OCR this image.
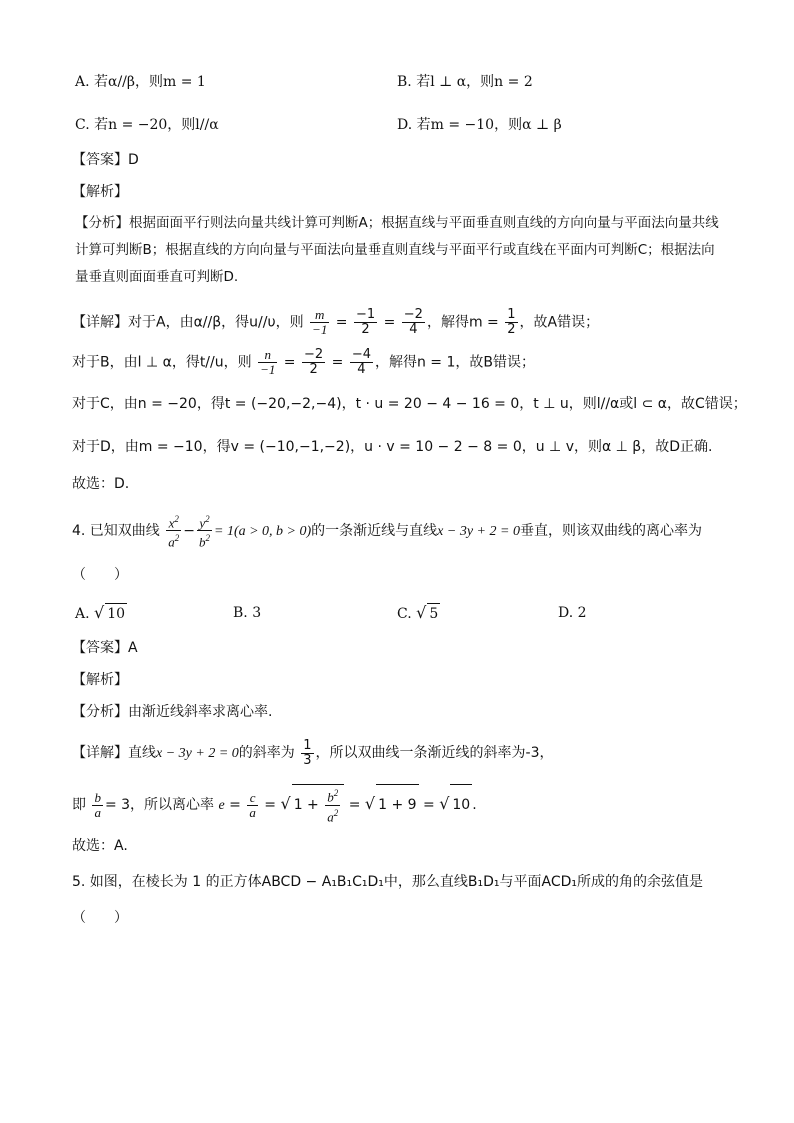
A. 若α//β，则m = 1	B. 若l ⊥ α，则n = 2
C. 若n = −20，则l//α	D. 若m = −10，则α ⊥ β
【答案】D
【解析】
【分析】根据面面平行则法向量共线计算可判断A；根据直线与平面垂直则直线的方向向量与平面法向量共线计算可判断B；根据直线的方向向量与平面法向量垂直则直线与平面平行或直线在平面内可判断C；根据法向量垂直则面面垂直可判断D.
【详解】对于A，由α//β，得u//υ，则 $\frac{m}{-1} = \frac{-1}{2} = \frac{-2}{4}$ ，解得$m = \frac{1}{2}$ ，故A错误；
对于B，由l ⊥ α，得t//u，则 $\frac{n}{-1} = \frac{-2}{2} = \frac{-4}{4}$ ，解得n = 1，故B错误；
对于C，由n = −20，得t = (−20,−2,−4)，t · u = 20 − 4 − 16 = 0，t ⊥ u，则l//α或l ⊂ α，故C错误；
对于D，由m = −10，得v = (−10,−1,−2)，u · v = 10 − 2 − 8 = 0，u ⊥ v，则α ⊥ β，故D正确.
故选：D.
4. 已知双曲线 $\frac{x^2}{a^2} - \frac{y^2}{b^2} = 1(a > 0$, b > 0)的一条渐近线与直线x − 3y + 2 = 0垂直，则该双曲线的离心率为
（　　）
A. √ 10	B. 3	C. √ 5	D. 2
【答案】A
【解析】
【分析】由渐近线斜率求离心率.
【详解】直线x − 3y + 2 = 0的斜率为 $\frac{1}{3}$ ，所以双曲线一条渐近线的斜率为-3，
即 $\frac{b}{a} = 3$，所以离心率 $e = \frac{c}{a}$ = √ $1 + \frac{b^2}{a^2}$ = √ 1 + 9 = √ 10 .
故选：A.
5. 如图，在棱长为 1 的正方体ABCD − A₁B₁C₁D₁中，那么直线B₁D₁与平面ACD₁所成的角的余弦值是
（　　）
